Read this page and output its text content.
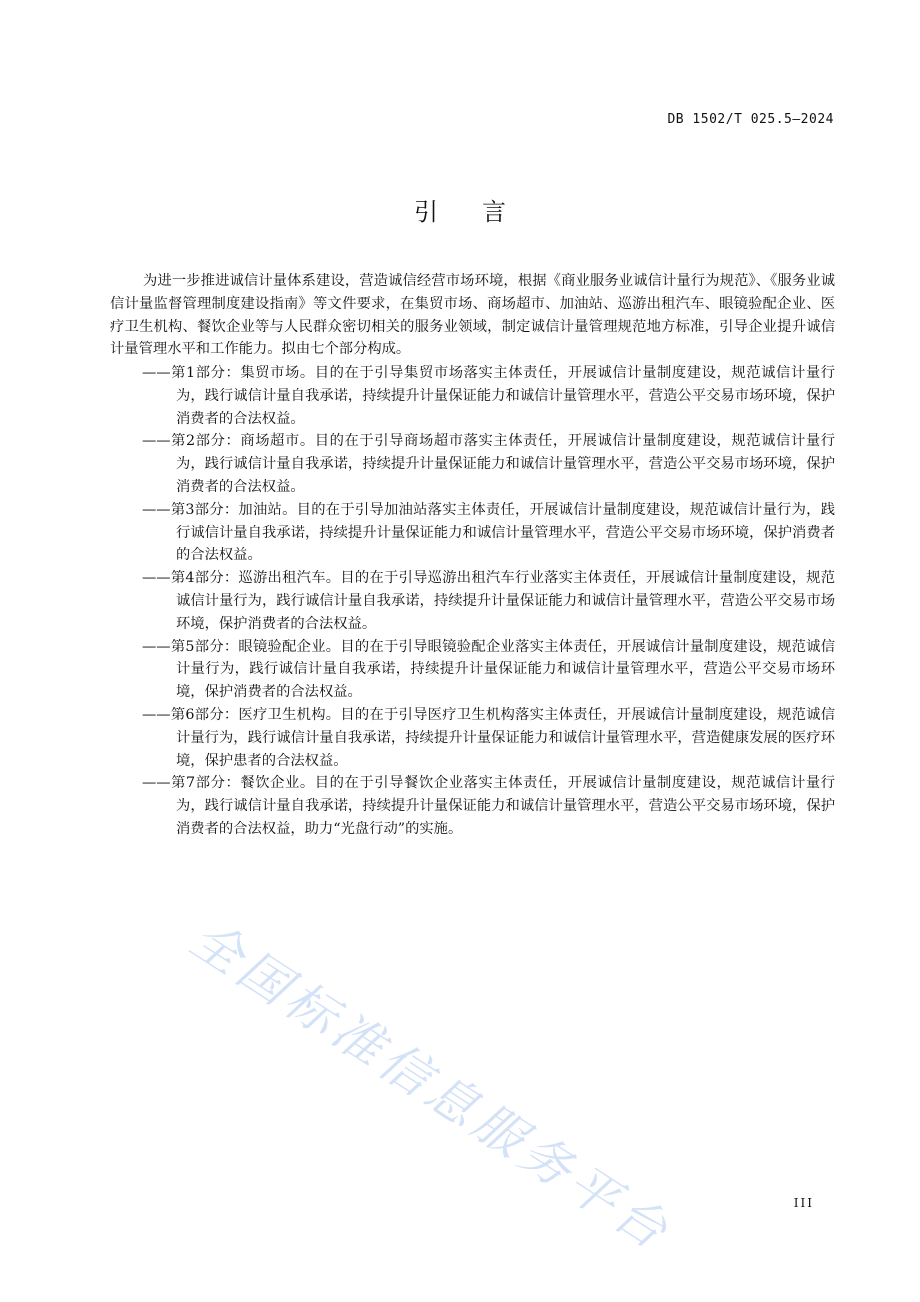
DB 1502/T 025.5—2024
引言

为进一步推进诚信计量体系建设，营造诚信经营市场环境，根据《商业服务业诚信计量行为规范》、《服务业诚信计量监督管理制度建设指南》等文件要求，在集贸市场、商场超市、加油站、巡游出租汽车、眼镜验配企业、医疗卫生机构、餐饮企业等与人民群众密切相关的服务业领域，制定诚信计量管理规范地方标准，引导企业提升诚信计量管理水平和工作能力。拟由七个部分构成。

——第1部分：集贸市场。目的在于引导集贸市场落实主体责任，开展诚信计量制度建设，规范诚信计量行为，践行诚信计量自我承诺，持续提升计量保证能力和诚信计量管理水平，营造公平交易市场环境，保护消费者的合法权益。

——第2部分：商场超市。目的在于引导商场超市落实主体责任，开展诚信计量制度建设，规范诚信计量行为，践行诚信计量自我承诺，持续提升计量保证能力和诚信计量管理水平，营造公平交易市场环境，保护消费者的合法权益。

——第3部分：加油站。目的在于引导加油站落实主体责任，开展诚信计量制度建设，规范诚信计量行为，践行诚信计量自我承诺，持续提升计量保证能力和诚信计量管理水平，营造公平交易市场环境，保护消费者的合法权益。

——第4部分：巡游出租汽车。目的在于引导巡游出租汽车行业落实主体责任，开展诚信计量制度建设，规范诚信计量行为，践行诚信计量自我承诺，持续提升计量保证能力和诚信计量管理水平，营造公平交易市场环境，保护消费者的合法权益。

——第5部分：眼镜验配企业。目的在于引导眼镜验配企业落实主体责任，开展诚信计量制度建设，规范诚信计量行为，践行诚信计量自我承诺，持续提升计量保证能力和诚信计量管理水平，营造公平交易市场环境，保护消费者的合法权益。

——第6部分：医疗卫生机构。目的在于引导医疗卫生机构落实主体责任，开展诚信计量制度建设，规范诚信计量行为，践行诚信计量自我承诺，持续提升计量保证能力和诚信计量管理水平，营造健康发展的医疗环境，保护患者的合法权益。

——第7部分：餐饮企业。目的在于引导餐饮企业落实主体责任，开展诚信计量制度建设，规范诚信计量行为，践行诚信计量自我承诺，持续提升计量保证能力和诚信计量管理水平，营造公平交易市场环境，保护消费者的合法权益，助力“光盘行动”的实施。

全国标准信息服务平台	III
